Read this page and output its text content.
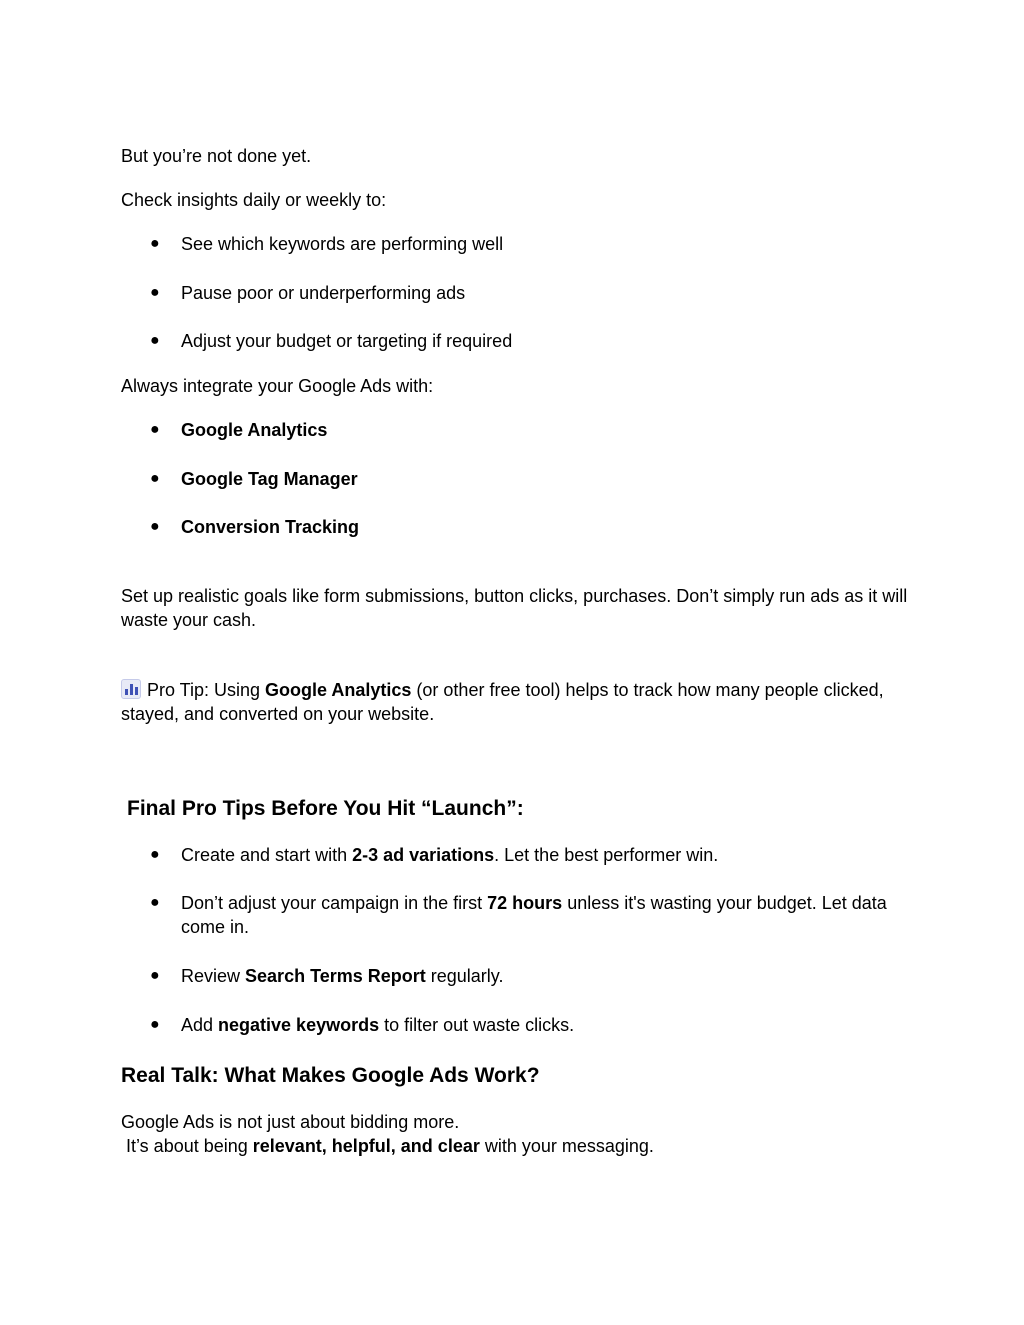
But you’re not done yet.

Check insights daily or weekly to:

● See which keywords are performing well
● Pause poor or underperforming ads
● Adjust your budget or targeting if required

Always integrate your Google Ads with:

● Google Analytics
● Google Tag Manager
● Conversion Tracking

Set up realistic goals like form submissions, button clicks, purchases. Don’t simply run ads as it will waste your cash.

Pro Tip: Using Google Analytics (or other free tool) helps to track how many people clicked, stayed, and converted on your website.

Final Pro Tips Before You Hit “Launch”:
● Create and start with 2-3 ad variations. Let the best performer win.
● Don’t adjust your campaign in the first 72 hours unless it's wasting your budget. Let data come in.
● Review Search Terms Report regularly.
● Add negative keywords to filter out waste clicks.
Real Talk: What Makes Google Ads Work?

Google Ads is not just about bidding more.

It’s about being relevant, helpful, and clear with your messaging.
